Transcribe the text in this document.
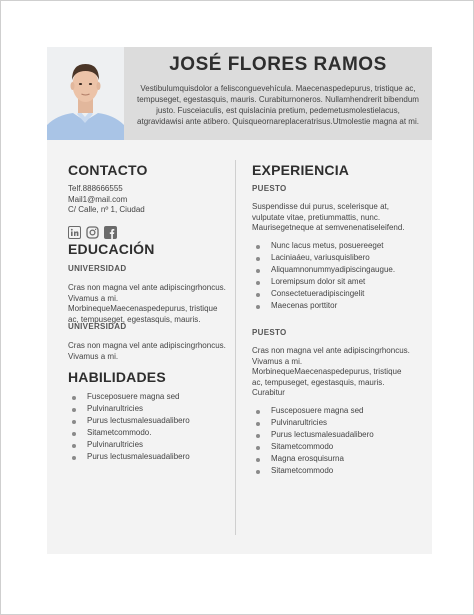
JOSÉ FLORES RAMOS
Vestibulumquisdolor a felisconguevehícula. Maecenaspedepurus, tristique ac, tempuseget, egestasquis, mauris. Curabiturnoneros. Nullamhendrerit bibendum justo. Fusceiaculis, est quislacinia pretium, pedemetusmolestielacus, atgravidawisi ante atibero. Quisqueornareplaceratrisus.Utmolestie magna at mi.
CONTACTO
Telf.888666555
Mail1@mail.com
C/ Calle, nº 1, Ciudad
EDUCACIÓN
UNIVERSIDAD
Cras non magna vel ante adipiscingrhoncus. Vivamus a mi. MorbinequeMaecenaspedepurus, tristique ac, tempuseget, egestasquis, mauris.
UNIVERSIDAD
Cras non magna vel ante adipiscingrhoncus. Vivamus a mi.
HABILIDADES
Fusceposuere magna sed
Pulvinarultricies
Purus lectusmalesuadalibero
Sitametcommodo.
Pulvinarultricies
Purus lectusmalesuadalibero
EXPERIENCIA
PUESTO
Suspendisse dui purus, scelerisque at, vulputate vitae, pretiummattis, nunc. Maurisegetneque at semvenenatiseleifend.
Nunc lacus metus, posuereeget
Laciniaáeu, variusquislibero
Aliquamnonummyadipiscingaugue.
Loremipsum dolor sit amet
Consectetueradipiscingelit
Maecenas porttitor
PUESTO
Cras non magna vel ante adipiscingrhoncus. Vivamus a mi. MorbinequeMaecenaspedepurus, tristique ac, tempuseget, egestasquis, mauris. Curabitur
Fusceposuere magna sed
Pulvinarultricies
Purus lectusmalesuadalibero
Sitametcommodo
Magna erosquisurna
Sitametcommodo
